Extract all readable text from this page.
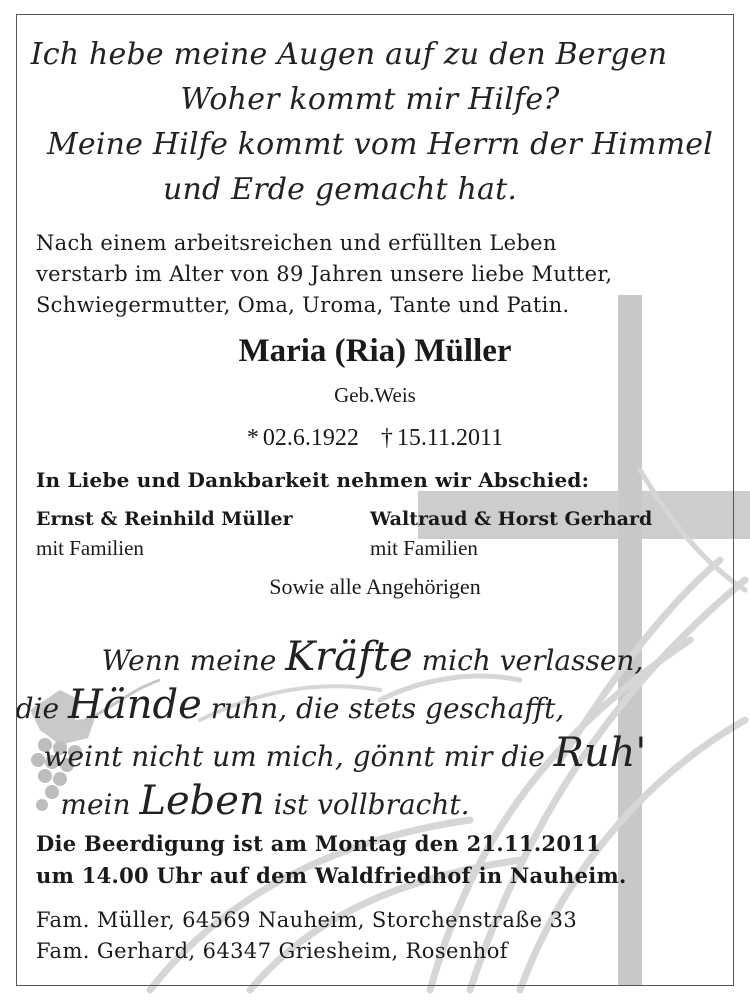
Ich hebe meine Augen auf zu den Bergen
Woher kommt mir Hilfe?
Meine Hilfe kommt vom Herrn der Himmel
und Erde gemacht hat.
Nach einem arbeitsreichen und erfüllten Leben
verstarb im Alter von 89 Jahren unsere liebe Mutter,
Schwiegermutter, Oma, Uroma, Tante und Patin.
Maria (Ria) Müller
Geb.Weis
* 02.6.1922 † 15.11.2011
In Liebe und Dankbarkeit nehmen wir Abschied:
Ernst & Reinhild Müller
mit Familien
Waltraud & Horst Gerhard
mit Familien
Sowie alle Angehörigen
Wenn meine Kräfte mich verlassen,
die Hände ruhn, die stets geschafft,
weint nicht um mich, gönnt mir die Ruh'
mein Leben ist vollbracht.
Die Beerdigung ist am Montag den 21.11.2011
um 14.00 Uhr auf dem Waldfriedhof in Nauheim.
Fam. Müller, 64569 Nauheim, Storchenstraße 33
Fam. Gerhard, 64347 Griesheim, Rosenhof
